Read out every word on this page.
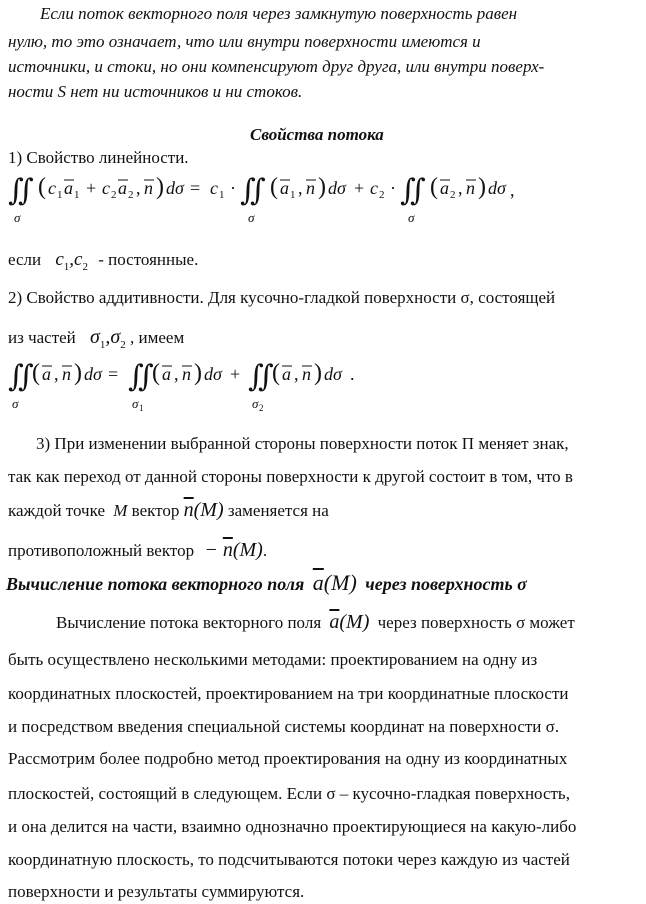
Если поток векторного поля через замкнутую поверхность равен
нулю, то это означает, что или внутри поверхности имеются и
источники, и стоки, но они компенсируют друг друга, или внутри поверх-
ности S нет ни источников и ни стоков.
Свойства потока
1) Свойство линейности.
∬
σ
( c 1 a 1 + c 2 a 2 , n ) dσ = c 1 · ∬
σ
( a 1 , n ) dσ + c 2 · ∬
σ
( a 2 , n ) dσ ,
если $c_1,c_2$ - постоянные.
2) Свойство аддитивности. Для кусочно-гладкой поверхности σ, состоящей
из частей $\sigma_1,\sigma_2$ , имеем
∬
σ
( a , n ) dσ = ∬
σ 1
( a , n ) dσ + ∬
σ 2
( a , n ) dσ .
3) При изменении выбранной стороны поверхности поток Π меняет знак,
так как переход от данной стороны поверхности к другой состоит в том, что в
каждой точке M вектор $\overline{n}(M)$ заменяется на
противоположный вектор − $\overline{n}(M)$.
Вычисление потока векторного поля $\overline{a}(M)$ через поверхность σ
Вычисление потока векторного поля $\overline{a}(M)$ через поверхность σ может
быть осуществлено несколькими методами: проектированием на одну из
координатных плоскостей, проектированием на три координатные плоскости
и посредством введения специальной системы координат на поверхности σ.
Рассмотрим более подробно метод проектирования на одну из координатных
плоскостей, состоящий в следующем. Если σ – кусочно-гладкая поверхность,
и она делится на части, взаимно однозначно проектирующиеся на какую-либо
координатную плоскость, то подсчитываются потоки через каждую из частей
поверхности и результаты суммируются.
